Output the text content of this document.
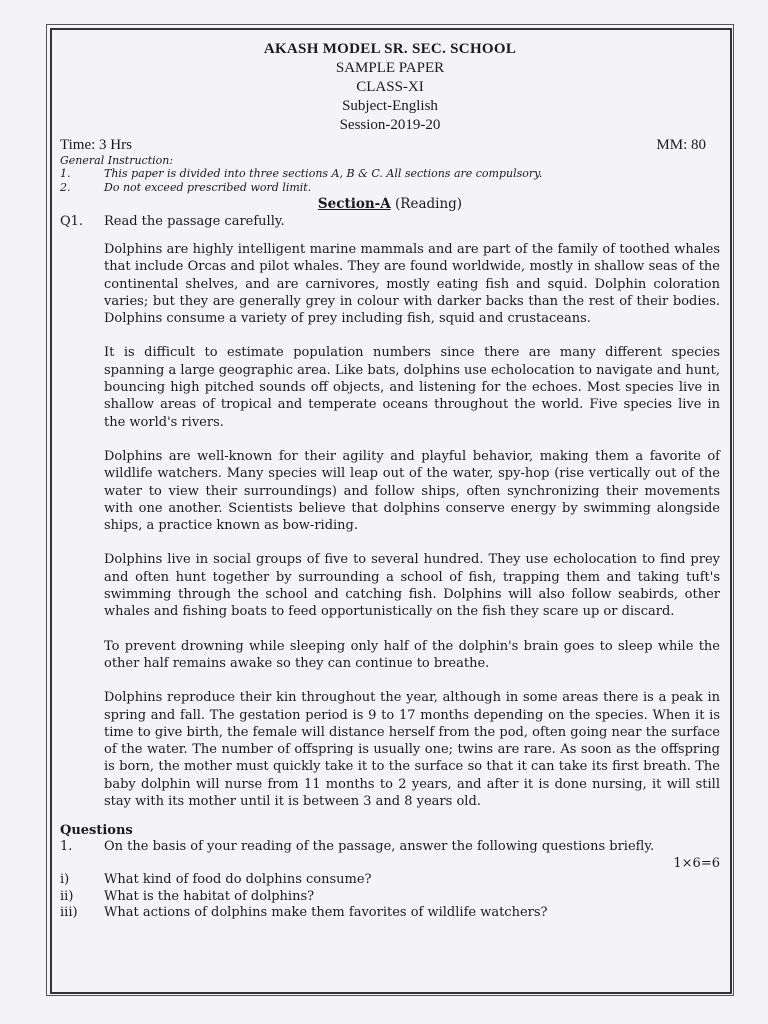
AKASH MODEL SR. SEC. SCHOOL
SAMPLE PAPER
CLASS-XI
Subject-English
Session-2019-20
Time: 3 Hrs	MM: 80
General Instruction:
1.	This paper is divided into three sections A, B & C. All sections are compulsory.
2.	Do not exceed prescribed word limit.
Section-A (Reading)
Q1.	Read the passage carefully.

Dolphins are highly intelligent marine mammals and are part of the family of toothed whales that include Orcas and pilot whales. They are found worldwide, mostly in shallow seas of the continental shelves, and are carnivores, mostly eating fish and squid. Dolphin coloration varies; but they are generally grey in colour with darker backs than the rest of their bodies. Dolphins consume a variety of prey including fish, squid and crustaceans.

It is difficult to estimate population numbers since there are many different species spanning a large geographic area. Like bats, dolphins use echolocation to navigate and hunt, bouncing high pitched sounds off objects, and listening for the echoes. Most species live in shallow areas of tropical and temperate oceans throughout the world. Five species live in the world's rivers.

Dolphins are well-known for their agility and playful behavior, making them a favorite of wildlife watchers. Many species will leap out of the water, spy-hop (rise vertically out of the water to view their surroundings) and follow ships, often synchronizing their movements with one another. Scientists believe that dolphins conserve energy by swimming alongside ships, a practice known as bow-riding.

Dolphins live in social groups of five to several hundred. They use echolocation to find prey and often hunt together by surrounding a school of fish, trapping them and taking tuft's swimming through the school and catching fish. Dolphins will also follow seabirds, other whales and fishing boats to feed opportunistically on the fish they scare up or discard.

To prevent drowning while sleeping only half of the dolphin's brain goes to sleep while the other half remains awake so they can continue to breathe.

Dolphins reproduce their kin throughout the year, although in some areas there is a peak in spring and fall. The gestation period is 9 to 17 months depending on the species. When it is time to give birth, the female will distance herself from the pod, often going near the surface of the water. The number of offspring is usually one; twins are rare. As soon as the offspring is born, the mother must quickly take it to the surface so that it can take its first breath. The baby dolphin will nurse from 11 months to 2 years, and after it is done nursing, it will still stay with its mother until it is between 3 and 8 years old.

Questions
1.	On the basis of your reading of the passage, answer the following questions briefly.
1×6=6
i)	What kind of food do dolphins consume?
ii)	What is the habitat of dolphins?
iii)	What actions of dolphins make them favorites of wildlife watchers?
